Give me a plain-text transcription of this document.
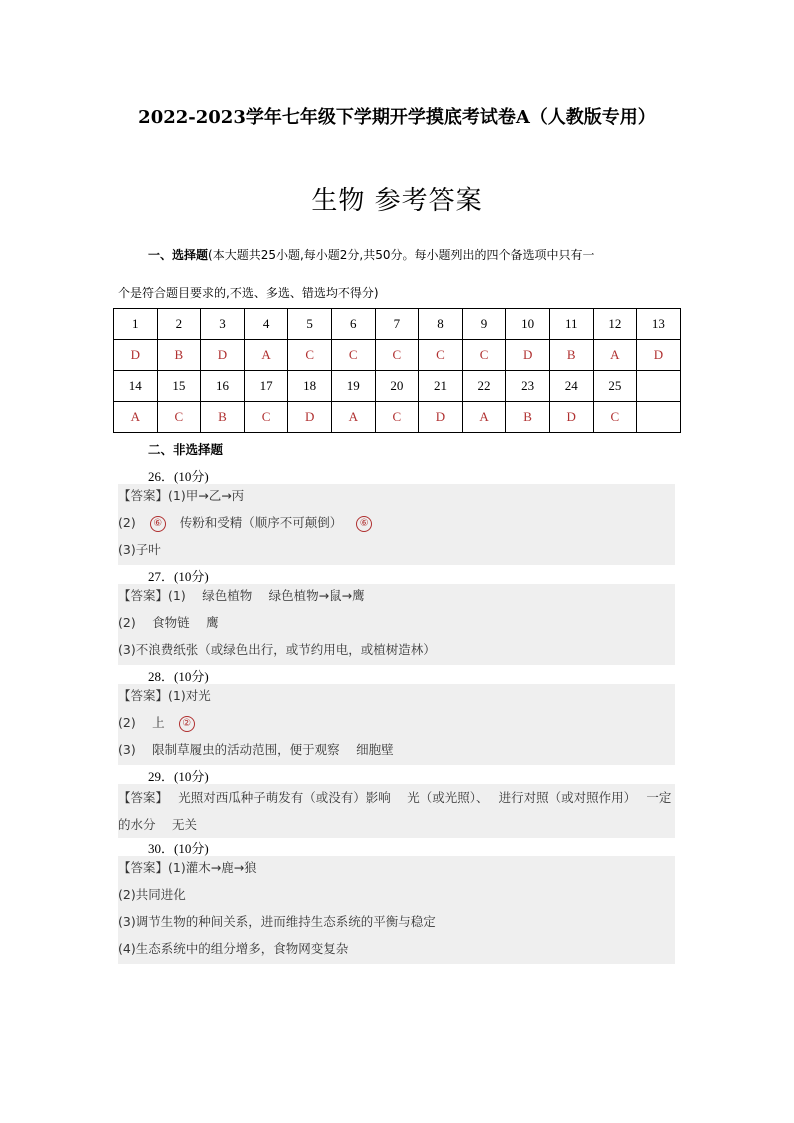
2022-2023学年七年级下学期开学摸底考试卷A（人教版专用）
生物 参考答案
一、选择题(本大题共25小题,每小题2分,共50分。每小题列出的四个备选项中只有一
个是符合题目要求的,不选、多选、错选均不得分)
1	2	3	4	5	6	7	8	9	10	11	12	13
D	B	D	A	C	C	C	C	C	D	B	A	D
14	15	16	17	18	19	20	21	22	23	24	25	
A	C	B	C	D	A	C	D	A	B	D	C	
二、非选择题
26．(10分)
【答案】(1)甲→乙→丙
(2) ⑥ 传粉和受精（顺序不可颠倒） ⑥
(3)子叶
27．(10分)
【答案】(1)　 绿色植物　 绿色植物→鼠→鹰
(2)　 食物链　 鹰
(3)不浪费纸张（或绿色出行，或节约用电，或植树造林）
28．(10分)
【答案】(1)对光
(2)　 上 ②
(3)　 限制草履虫的活动范围，便于观察　 细胞壁
29．(10分)
【答案】　 光照对西瓜种子萌发有（或没有）影响　 光（或光照）、　 进行对照（或对照作用）　 一定的水分　 无关
30．(10分)
【答案】(1)灌木→鹿→狼
(2)共同进化
(3)调节生物的种间关系，进而维持生态系统的平衡与稳定
(4)生态系统中的组分增多，食物网变复杂
